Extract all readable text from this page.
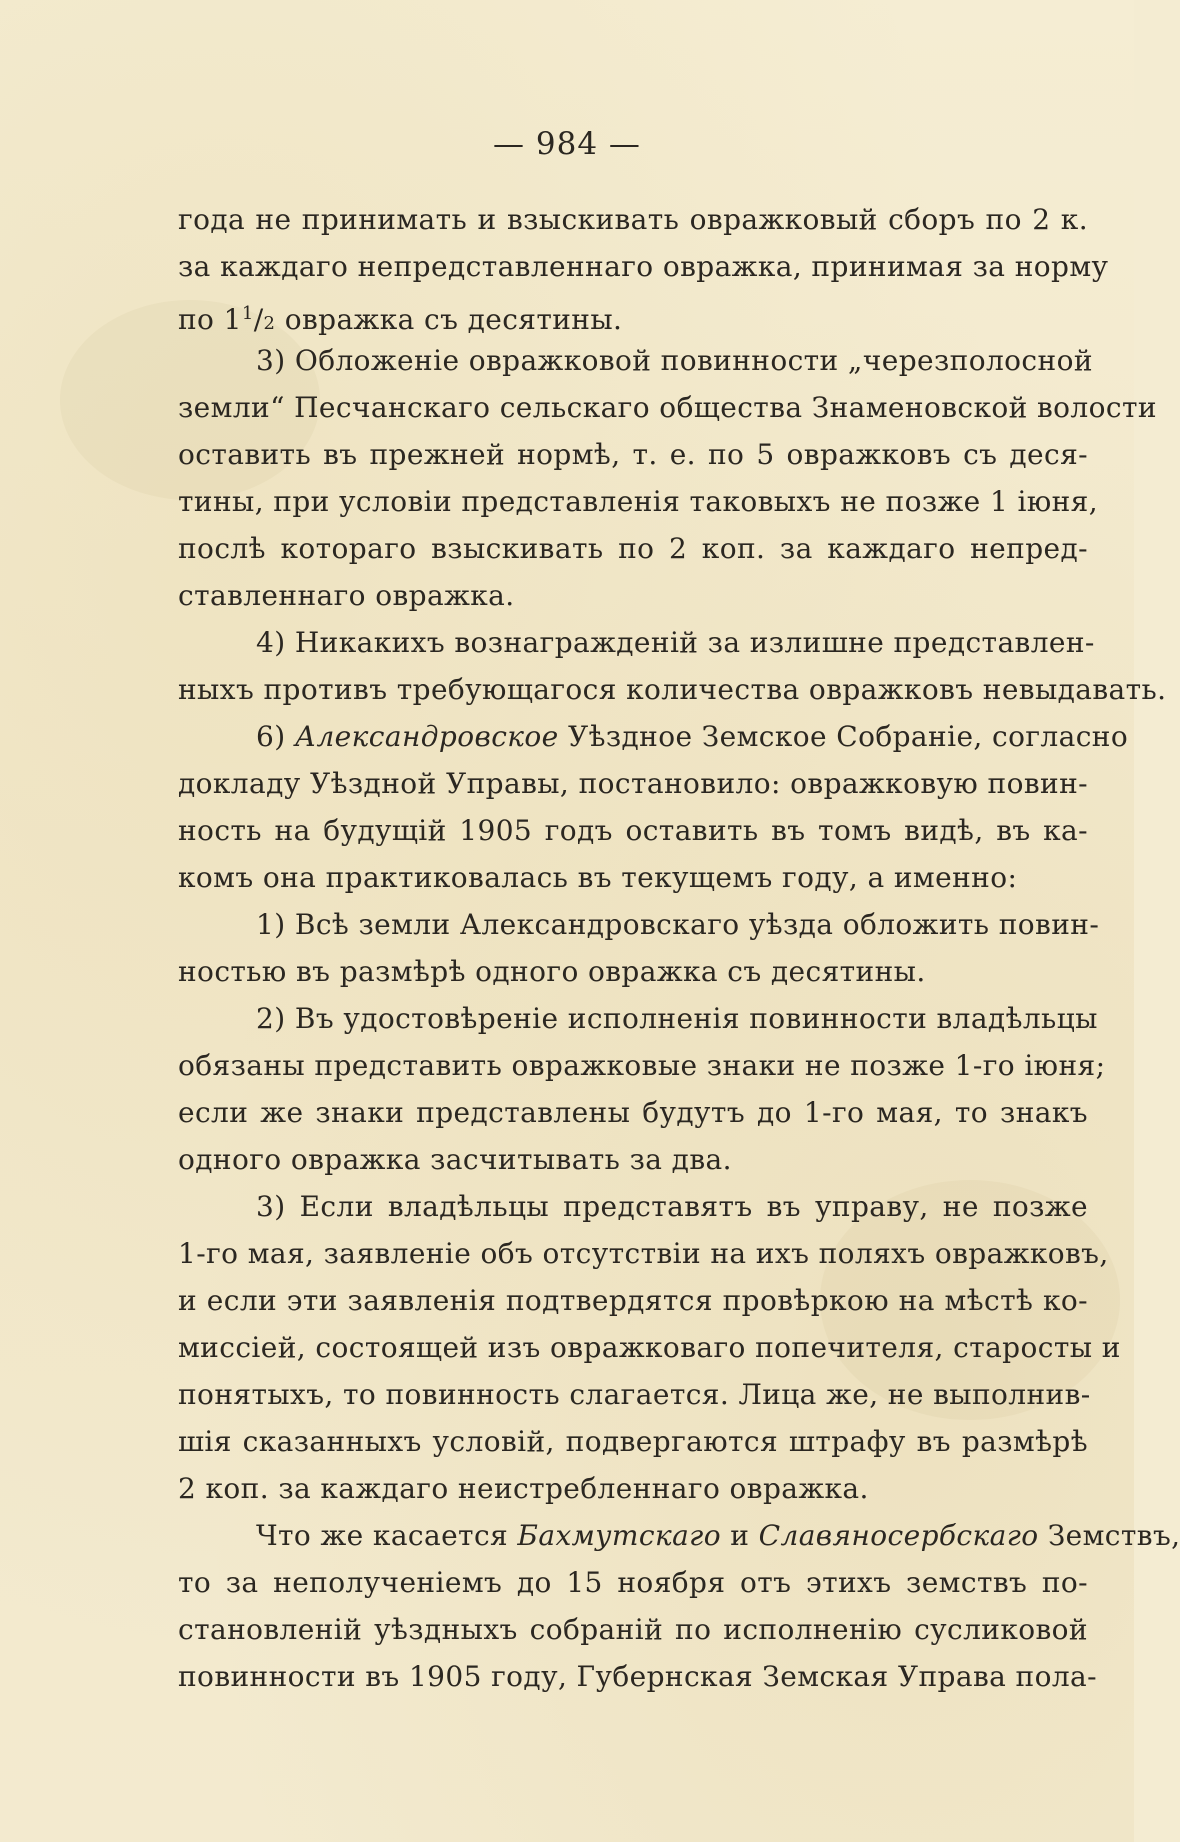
— 984 —
года не принимать и взыскивать овражковый сборъ по 2 к.
за каждаго непредставленнаго овражка, принимая за норму
по $1^1/2$ овражка съ десятины.
3) Обложеніе овражковой повинности „черезполосной
земли“ Песчанскаго сельскаго общества Знаменовской волости
оставить въ прежней нормѣ, т. е. по 5 овражковъ съ деся-
тины, при условіи представленія таковыхъ не позже 1 іюня,
послѣ котораго взыскивать по 2 коп. за каждаго непред-
ставленнаго овражка.
4) Никакихъ вознагражденій за излишне представлен-
ныхъ противъ требующагося количества овражковъ невыдавать.
6) Александровское Уѣздное Земское Собраніе, согласно
докладу Уѣздной Управы, постановило: овражковую повин-
ность на будущій 1905 годъ оставить въ томъ видѣ, въ ка-
комъ она практиковалась въ текущемъ году, а именно:
1) Всѣ земли Александровскаго уѣзда обложить повин-
ностью въ размѣрѣ одного овражка съ десятины.
2) Въ удостовѣреніе исполненія повинности владѣльцы
обязаны представить овражковые знаки не позже 1-го іюня;
если же знаки представлены будутъ до 1-го мая, то знакъ
одного овражка засчитывать за два.
3) Если владѣльцы представятъ въ управу, не позже
1-го мая, заявленіе объ отсутствіи на ихъ поляхъ овражковъ,
и если эти заявленія подтвердятся провѣркою на мѣстѣ ко-
миссіей, состоящей изъ овражковаго попечителя, старосты и
понятыхъ, то повинность слагается. Лица же, не выполнив-
шія сказанныхъ условій, подвергаются штрафу въ размѣрѣ
2 коп. за каждаго неистребленнаго овражка.
Что же касается Бахмутскаго и Славяносербскаго Земствъ,
то за неполученіемъ до 15 ноября отъ этихъ земствъ по-
становленій уѣздныхъ собраній по исполненію сусликовой
повинности въ 1905 году, Губернская Земская Управа пола-
